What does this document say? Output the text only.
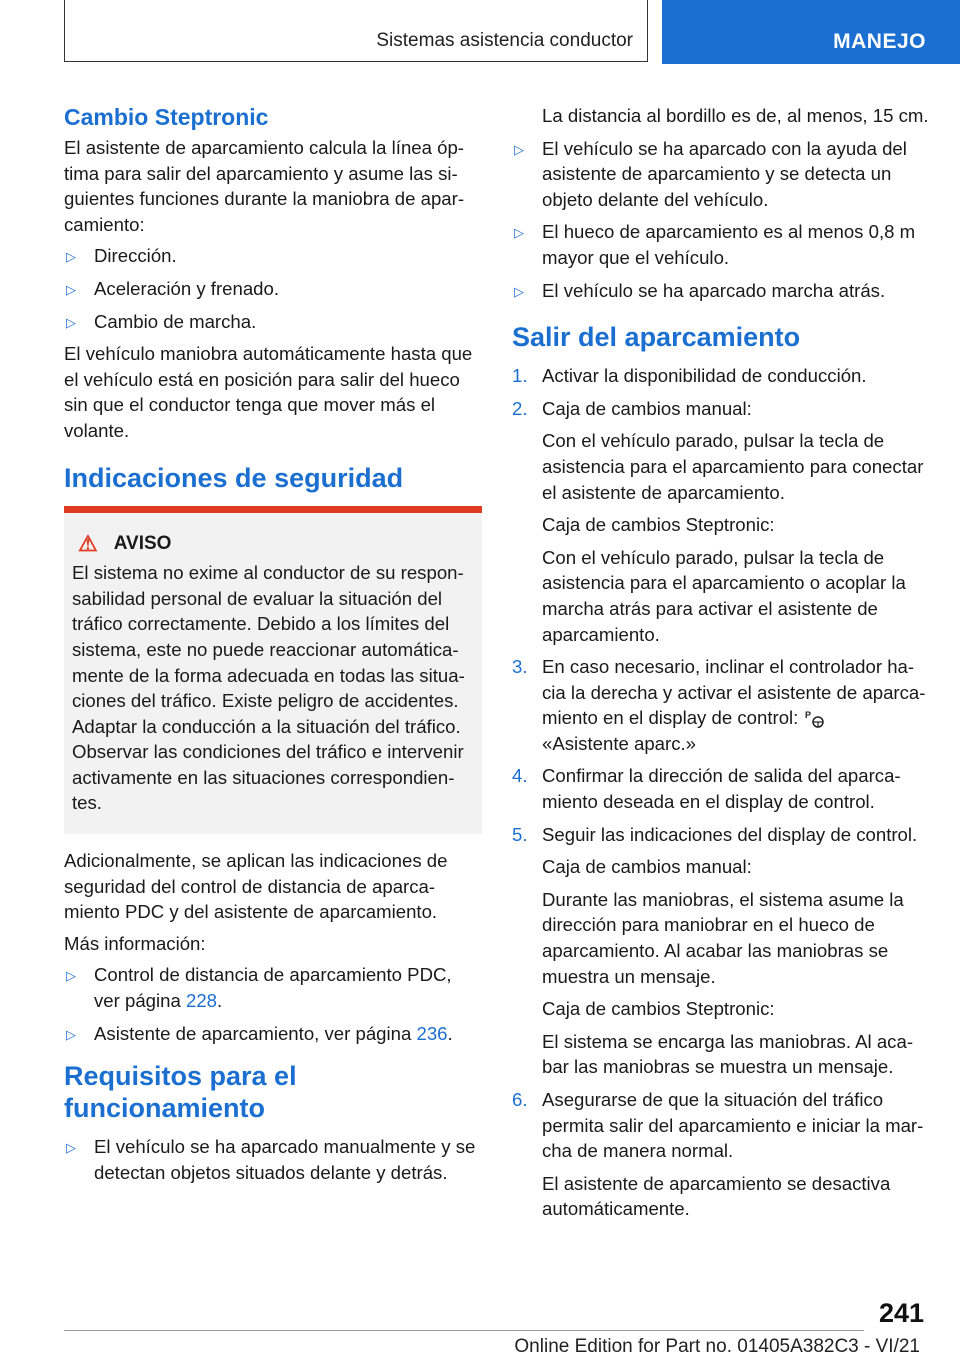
Sistemas asistencia conductor	MANEJO
Cambio Steptronic

El asistente de aparcamiento calcula la línea óp-tima para salir del aparcamiento y asume las si-guientes funciones durante la maniobra de apar-camiento:

▷ Dirección.
▷ Aceleración y frenado.
▷ Cambio de marcha.

El vehículo maniobra automáticamente hasta que el vehículo está en posición para salir del hueco sin que el conductor tenga que mover más el volante.

Indicaciones de seguridad
⚠ AVISO
El sistema no exime al conductor de su respon-sabilidad personal de evaluar la situación del tráfico correctamente. Debido a los límites del sistema, este no puede reaccionar automática-mente de la forma adecuada en todas las situa-ciones del tráfico. Existe peligro de accidentes. Adaptar la conducción a la situación del tráfico. Observar las condiciones del tráfico e intervenir activamente en las situaciones correspondien-tes.

Adicionalmente, se aplican las indicaciones de seguridad del control de distancia de aparca-miento PDC y del asistente de aparcamiento.

Más información:

▷ Control de distancia de aparcamiento PDC, ver página 228.
▷ Asistente de aparcamiento, ver página 236.
Requisitos para el funcionamiento
▷ El vehículo se ha aparcado manualmente y se detectan objetos situados delante y detrás.

La distancia al bordillo es de, al menos, 15 cm.

▷ El vehículo se ha aparcado con la ayuda del asistente de aparcamiento y se detecta un objeto delante del vehículo.
▷ El hueco de aparcamiento es al menos 0,8 m mayor que el vehículo.
▷ El vehículo se ha aparcado marcha atrás.
Salir del aparcamiento
1. Activar la disponibilidad de conducción.
2. Caja de cambios manual:

Con el vehículo parado, pulsar la tecla de asistencia para el aparcamiento para conectar el asistente de aparcamiento.

Caja de cambios Steptronic:

Con el vehículo parado, pulsar la tecla de asistencia para el aparcamiento o acoplar la marcha atrás para activar el asistente de aparcamiento.

3. En caso necesario, inclinar el controlador ha-cia la derecha y activar el asistente de aparca-miento en el display de control: P

«Asistente aparc.»
4. Confirmar la dirección de salida del aparca-miento deseada en el display de control.
5. Seguir las indicaciones del display de control.

Caja de cambios manual:

Durante las maniobras, el sistema asume la dirección para maniobrar en el hueco de aparcamiento. Al acabar las maniobras se muestra un mensaje.

Caja de cambios Steptronic:

El sistema se encarga las maniobras. Al aca-bar las maniobras se muestra un mensaje.

6. Asegurarse de que la situación del tráfico permita salir del aparcamiento e iniciar la mar-cha de manera normal.

El asistente de aparcamiento se desactiva automáticamente.

241
Online Edition for Part no. 01405A382C3 - VI/21
